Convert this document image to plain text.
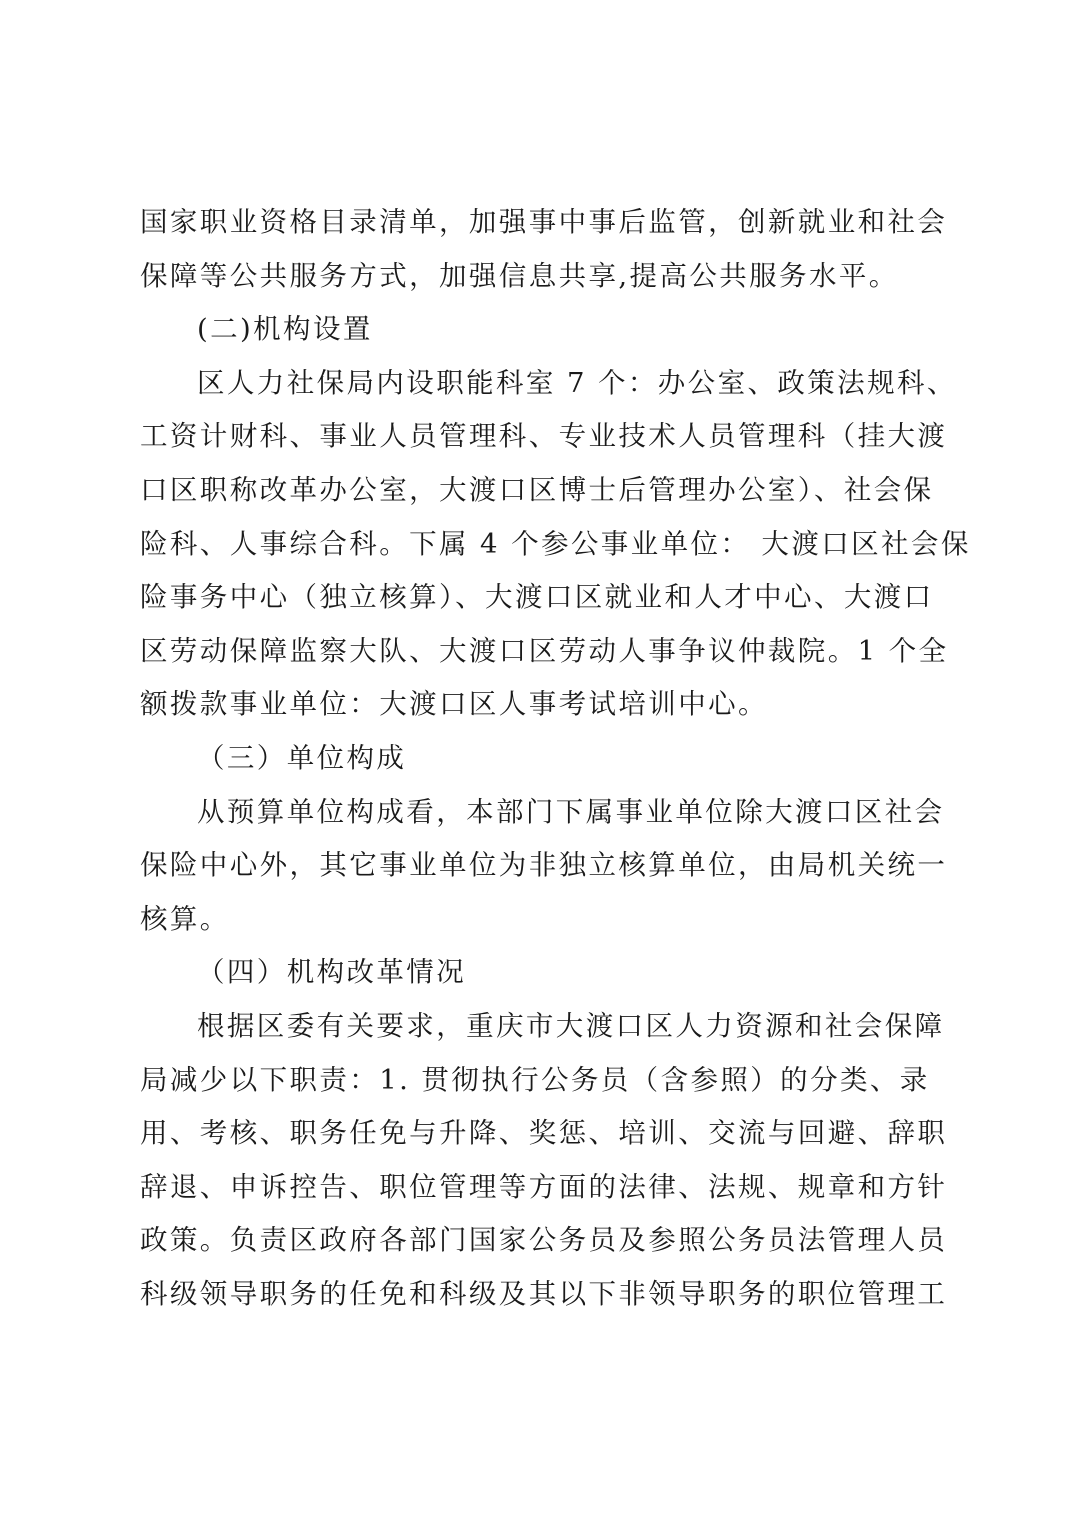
国家职业资格目录清单，加强事中事后监管，创新就业和社会
保障等公共服务方式，加强信息共享,提高公共服务水平。
(二)机构设置
区人力社保局内设职能科室 7 个：办公室、政策法规科、
工资计财科、事业人员管理科、专业技术人员管理科（挂大渡
口区职称改革办公室，大渡口区博士后管理办公室）、社会保
险科、人事综合科。下属 4 个参公事业单位： 大渡口区社会保
险事务中心（独立核算）、大渡口区就业和人才中心、大渡口
区劳动保障监察大队、大渡口区劳动人事争议仲裁院。1 个全
额拨款事业单位：大渡口区人事考试培训中心。
（三）单位构成
从预算单位构成看，本部门下属事业单位除大渡口区社会
保险中心外，其它事业单位为非独立核算单位，由局机关统一
核算。
（四）机构改革情况
根据区委有关要求，重庆市大渡口区人力资源和社会保障
局减少以下职责：1. 贯彻执行公务员（含参照）的分类、录
用、考核、职务任免与升降、奖惩、培训、交流与回避、辞职
辞退、申诉控告、职位管理等方面的法律、法规、规章和方针
政策。负责区政府各部门国家公务员及参照公务员法管理人员
科级领导职务的任免和科级及其以下非领导职务的职位管理工
